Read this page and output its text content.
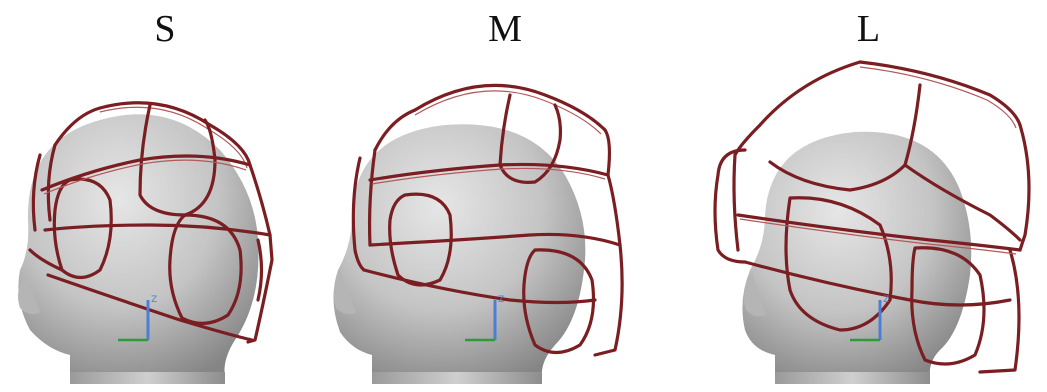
S
Z
M
Z
L
Z
